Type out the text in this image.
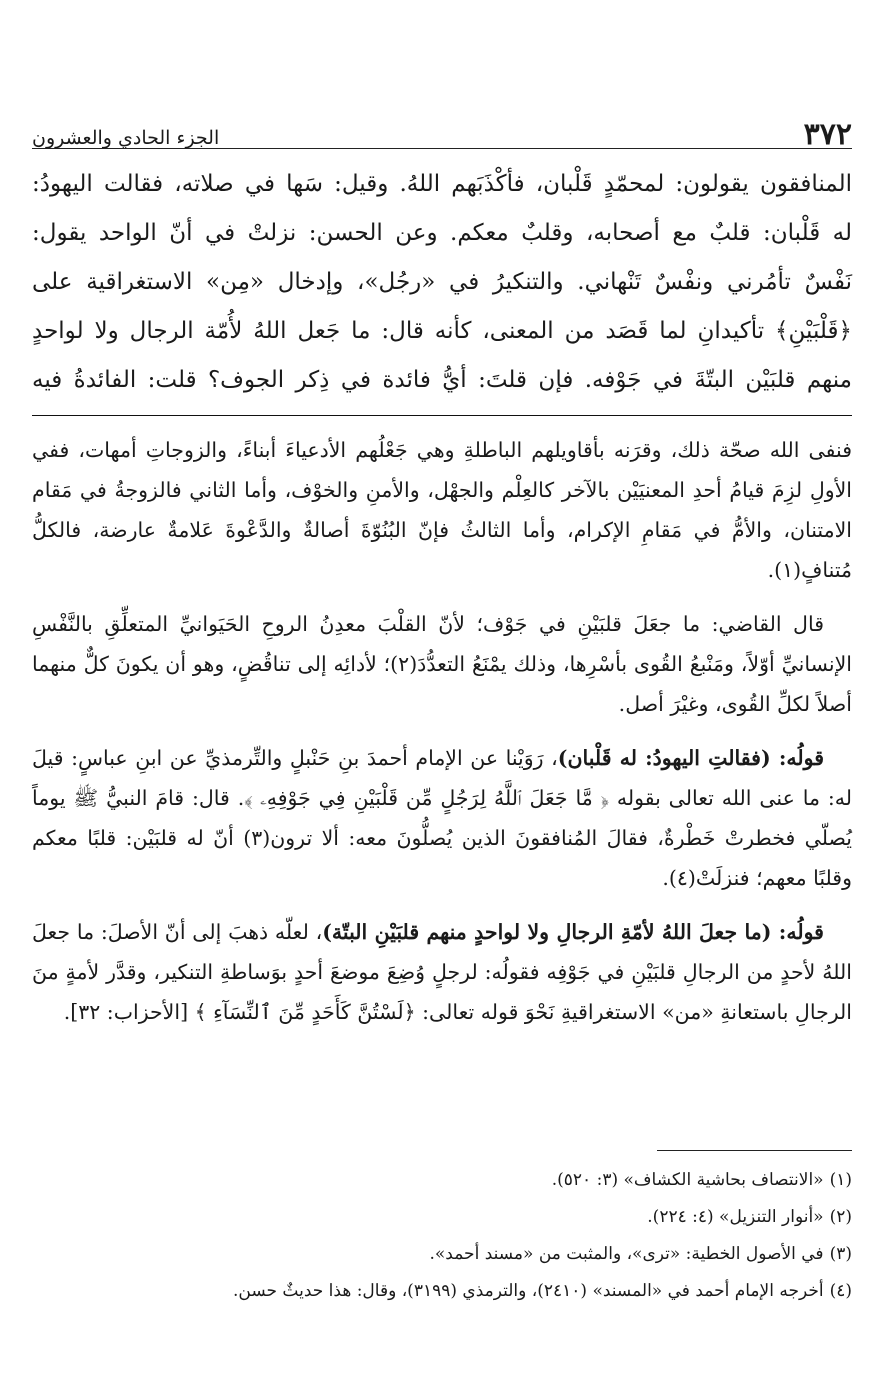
٣٧٢
الجزء الحادي والعشرون

المنافقون يقولون: لمحمّدٍ قَلْبان، فأكْذَبَهم اللهُ. وقيل: سَها في صلاته، فقالت اليهودُ:

له قَلْبان: قلبٌ مع أصحابه، وقلبٌ معكم. وعن الحسن: نزلتْ في أنّ الواحد يقول:

نَفْسٌ تأمُرني ونفْسٌ تَنْهاني. والتنكيرُ في «رجُل»، وإدخال «مِن» الاستغراقية على

﴿قَلْبَيْنِ﴾ تأكيدانِ لما قَصَد من المعنى، كأنه قال: ما جَعل اللهُ لأُمّة الرجال ولا لواحدٍ

منهم قلبَيْن البتّةَ في جَوْفه. فإن قلتَ: أيُّ فائدة في ذِكر الجوف؟ قلت: الفائدةُ فيه

فنفى الله صحّة ذلك، وقرَنه بأقاويلهم الباطلةِ وهي جَعْلُهم الأدعياءَ أبناءً، والزوجاتِ أمهات، ففي الأولِ لزِمَ قيامُ أحدِ المعنيَيْن بالآخر كالعِلْم والجهْل، والأمنِ والخوْف، وأما الثاني فالزوجةُ في مَقام الامتنان، والأمُّ في مَقامِ الإكرام، وأما الثالثُ فإنّ البُنُوّةَ أصالةٌ والدَّعْوةَ عَلامةٌ عارضة، فالكلُّ مُتنافٍ(١).

قال القاضي: ما جعَلَ قلبَيْنِ في جَوْف؛ لأنّ القلْبَ معدِنُ الروحِ الحَيَوانيِّ المتعلِّقِ بالنَّفْسِ الإنسانيِّ أوّلاً، ومَنْبعُ القُوى بأسْرِها، وذلك يمْنَعُ التعدُّدَ(٢)؛ لأدائِه إلى تناقُضٍ، وهو أن يكونَ كلٌّ منهما أصلاً لكلِّ القُوى، وغيْرَ أصل.

قولُه: (فقالتِ اليهودُ: له قَلْبان)، رَوَيْنا عن الإمام أحمدَ بنِ حَنْبلٍ والتِّرمذيِّ عن ابنِ عباسٍ: قيلَ له: ما عنى الله تعالى بقوله ﴿ مَّا جَعَلَ ٱللَّهُ لِرَجُلٍ مِّن قَلْبَيْنِ فِي جَوْفِهِۦ ﴾. قال: قامَ النبيُّ ﷺ يوماً يُصلّي فخطرتْ خَطْرةٌ، فقالَ المُنافقونَ الذين يُصلُّونَ معه: ألا ترون(٣) أنّ له قلبَيْن: قلبًا معكم وقلبًا معهم؛ فنزلَتْ(٤).

قولُه: (ما جعلَ اللهُ لأمّةِ الرجالِ ولا لواحدٍ منهم قلبَيْنِ البتّة)، لعلّه ذهبَ إلى أنّ الأصلَ: ما جعلَ اللهُ لأحدٍ من الرجالِ قلبَيْنِ في جَوْفِه فقولُه: لرجلٍ وُضِعَ موضعَ أحدٍ بوَساطةِ التنكير، وقدَّر لأمةٍ منَ الرجالِ باستعانةِ «من» الاستغراقيةِ نَحْوَ قوله تعالى: ﴿لَسْتُنَّ كَأَحَدٍ مِّنَ ٱلنِّسَآءِ ﴾ [الأحزاب: ٣٢].

(١)«الانتصاف بحاشية الكشاف» (٣: ٥٢٠).
(٢)«أنوار التنزيل» (٤: ٢٢٤).
(٣)في الأصول الخطية: «ترى»، والمثبت من «مسند أحمد».
(٤)أخرجه الإمام أحمد في «المسند» (٢٤١٠)، والترمذي (٣١٩٩)، وقال: هذا حديثٌ حسن.
